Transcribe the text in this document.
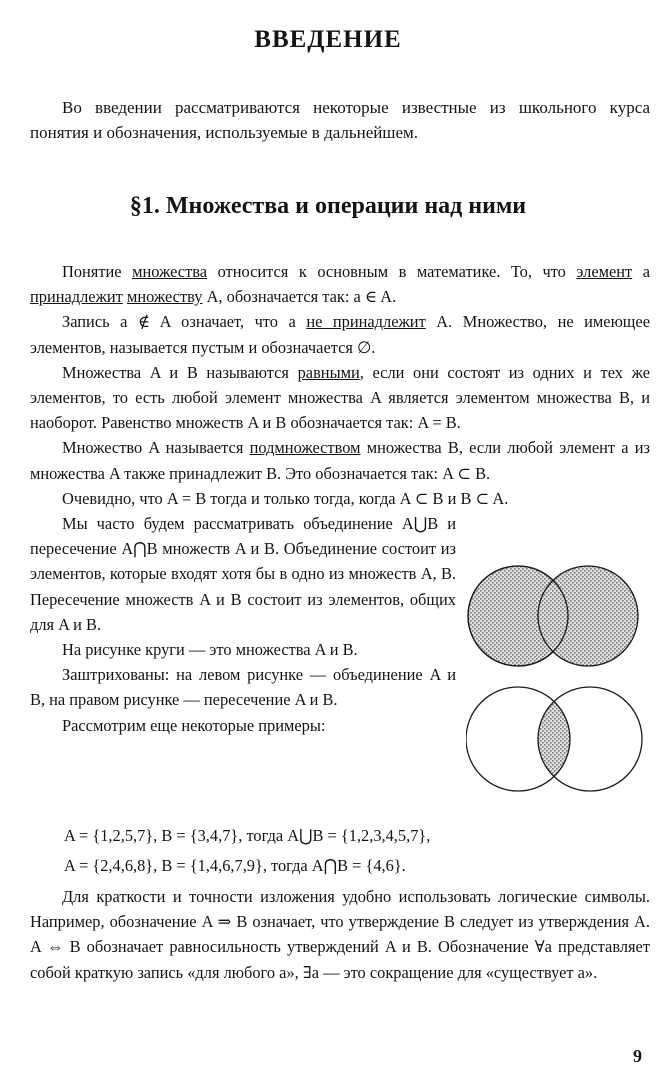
ВВЕДЕНИЕ

Во введении рассматриваются некоторые известные из школьного курса понятия и обозначения, используемые в дальнейшем.

§1. Множества и операции над ними

Понятие множества относится к основным в математике. То, что элемент a принадлежит множеству A, обозначается так: a ∈ A.

Запись a ∉ A означает, что a не принадлежит A. Множество, не имеющее элементов, называется пустым и обозначается ∅.

Множества A и B называются равными, если они состоят из одних и тех же элементов, то есть любой элемент множества A является элементом множества B, и наоборот. Равенство множеств A и B обозначается так: A = B.

Множество A называется подмножеством множества B, если любой элемент a из множества A также принадлежит B. Это обозначается так: A ⊂ B.

Очевидно, что A = B тогда и только тогда, когда A ⊂ B и B ⊂ A.

Мы часто будем рассматривать объединение A⋃B и пересечение A⋂B множеств A и B. Объединение состоит из элементов, которые входят хотя бы в одно из множеств A, B. Пересечение множеств A и B состоит из элементов, общих для A и B.

На рисунке круги — это множества A и B.

Заштрихованы: на левом рисунке — объединение A и B, на правом рисунке — пересечение A и B.

Рассмотрим еще некоторые примеры:

A = {1,2,5,7}, B = {3,4,7}, тогда A⋃B = {1,2,3,4,5,7},
A = {2,4,6,8}, B = {1,4,6,7,9}, тогда A⋂B = {4,6}.

Для краткости и точности изложения удобно использовать логические символы. Например, обозначение A ⇒ B означает, что утверждение B следует из утверждения A. A ⇔ B обозначает равносильность утверждений A и B. Обозначение ∀a представляет собой краткую запись «для любого a», ∃a — это сокращение для «существует a».

9
